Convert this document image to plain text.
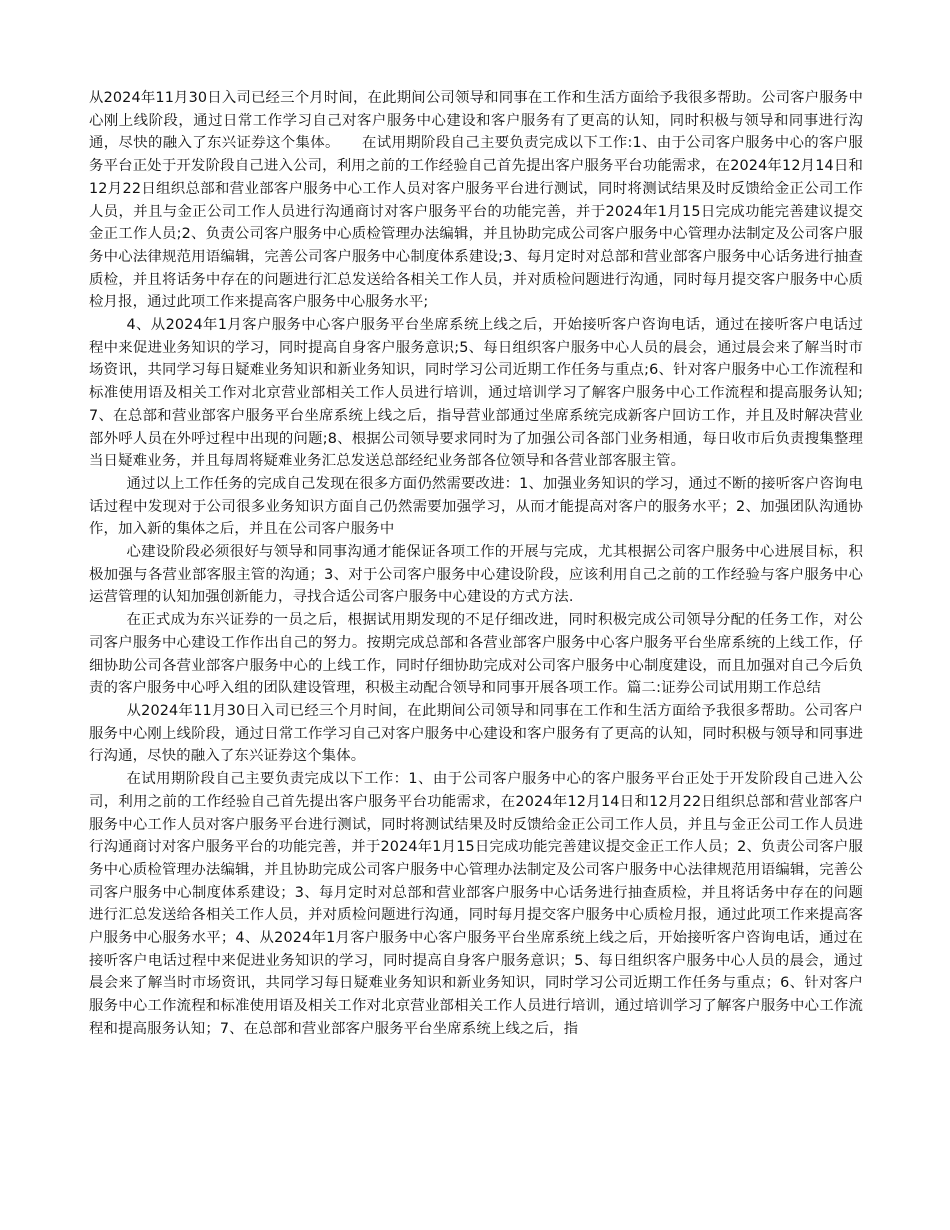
从2024年11月30日入司已经三个月时间，在此期间公司领导和同事在工作和生活方面给予我很多帮助。公司客户服务中心刚上线阶段，通过日常工作学习自己对客户服务中心建设和客户服务有了更高的认知，同时积极与领导和同事进行沟通，尽快的融入了东兴证券这个集体。　　在试用期阶段自己主要负责完成以下工作:1、由于公司客户服务中心的客户服务平台正处于开发阶段自己进入公司，利用之前的工作经验自己首先提出客户服务平台功能需求，在2024年12月14日和12月22日组织总部和营业部客户服务中心工作人员对客户服务平台进行测试，同时将测试结果及时反馈给金正公司工作人员，并且与金正公司工作人员进行沟通商讨对客户服务平台的功能完善，并于2024年1月15日完成功能完善建议提交金正工作人员;2、负责公司客户服务中心质检管理办法编辑，并且协助完成公司客户服务中心管理办法制定及公司客户服务中心法律规范用语编辑，完善公司客户服务中心制度体系建设;3、每月定时对总部和营业部客户服务中心话务进行抽查质检，并且将话务中存在的问题进行汇总发送给各相关工作人员，并对质检问题进行沟通，同时每月提交客户服务中心质检月报，通过此项工作来提高客户服务中心服务水平;

4、从2024年1月客户服务中心客户服务平台坐席系统上线之后，开始接听客户咨询电话，通过在接听客户电话过程中来促进业务知识的学习，同时提高自身客户服务意识;5、每日组织客户服务中心人员的晨会，通过晨会来了解当时市场资讯，共同学习每日疑难业务知识和新业务知识，同时学习公司近期工作任务与重点;6、针对客户服务中心工作流程和标准使用语及相关工作对北京营业部相关工作人员进行培训，通过培训学习了解客户服务中心工作流程和提高服务认知;7、在总部和营业部客户服务平台坐席系统上线之后，指导营业部通过坐席系统完成新客户回访工作，并且及时解决营业部外呼人员在外呼过程中出现的问题;8、根据公司领导要求同时为了加强公司各部门业务相通，每日收市后负责搜集整理当日疑难业务，并且每周将疑难业务汇总发送总部经纪业务部各位领导和各营业部客服主管。

通过以上工作任务的完成自己发现在很多方面仍然需要改进：1、加强业务知识的学习，通过不断的接听客户咨询电话过程中发现对于公司很多业务知识方面自己仍然需要加强学习，从而才能提高对客户的服务水平；2、加强团队沟通协作，加入新的集体之后，并且在公司客户服务中

心建设阶段必须很好与领导和同事沟通才能保证各项工作的开展与完成，尤其根据公司客户服务中心进展目标，积极加强与各营业部客服主管的沟通；3、对于公司客户服务中心建设阶段，应该利用自己之前的工作经验与客户服务中心运营管理的认知加强创新能力，寻找合适公司客户服务中心建设的方式方法.

在正式成为东兴证券的一员之后，根据试用期发现的不足仔细改进，同时积极完成公司领导分配的任务工作，对公司客户服务中心建设工作作出自己的努力。按期完成总部和各营业部客户服务中心客户服务平台坐席系统的上线工作，仔细协助公司各营业部客户服务中心的上线工作，同时仔细协助完成对公司客户服务中心制度建设，而且加强对自己今后负责的客户服务中心呼入组的团队建设管理，积极主动配合领导和同事开展各项工作。篇二:证券公司试用期工作总结

从2024年11月30日入司已经三个月时间，在此期间公司领导和同事在工作和生活方面给予我很多帮助。公司客户服务中心刚上线阶段，通过日常工作学习自己对客户服务中心建设和客户服务有了更高的认知，同时积极与领导和同事进行沟通，尽快的融入了东兴证券这个集体。

在试用期阶段自己主要负责完成以下工作：1、由于公司客户服务中心的客户服务平台正处于开发阶段自己进入公司，利用之前的工作经验自己首先提出客户服务平台功能需求，在2024年12月14日和12月22日组织总部和营业部客户服务中心工作人员对客户服务平台进行测试，同时将测试结果及时反馈给金正公司工作人员，并且与金正公司工作人员进行沟通商讨对客户服务平台的功能完善，并于2024年1月15日完成功能完善建议提交金正工作人员；2、负责公司客户服务中心质检管理办法编辑，并且协助完成公司客户服务中心管理办法制定及公司客户服务中心法律规范用语编辑，完善公司客户服务中心制度体系建设；3、每月定时对总部和营业部客户服务中心话务进行抽查质检，并且将话务中存在的问题进行汇总发送给各相关工作人员，并对质检问题进行沟通，同时每月提交客户服务中心质检月报，通过此项工作来提高客户服务中心服务水平；4、从2024年1月客户服务中心客户服务平台坐席系统上线之后，开始接听客户咨询电话，通过在接听客户电话过程中来促进业务知识的学习，同时提高自身客户服务意识；5、每日组织客户服务中心人员的晨会，通过晨会来了解当时市场资讯，共同学习每日疑难业务知识和新业务知识，同时学习公司近期工作任务与重点；6、针对客户服务中心工作流程和标准使用语及相关工作对北京营业部相关工作人员进行培训，通过培训学习了解客户服务中心工作流程和提高服务认知；7、在总部和营业部客户服务平台坐席系统上线之后，指
